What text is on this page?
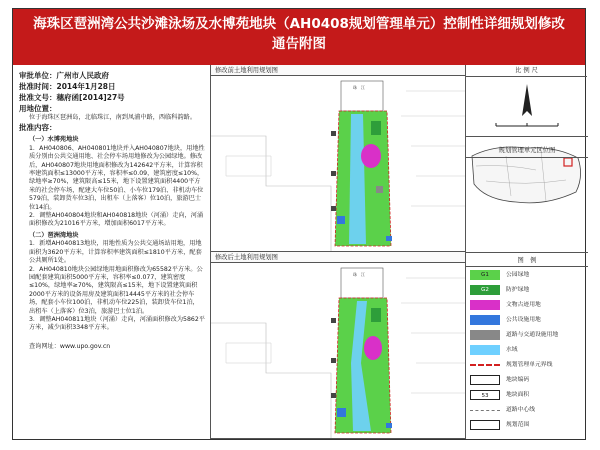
海珠区琶洲湾公共沙滩泳场及水博苑地块（AH0408规划管理单元）控制性详细规划修改
通告附图

审批单位：广州市人民政府

批准时间：2014年1月28日

批准文号：穗府函[2014]27号

用地位置：

位于海珠区琶洲岛，北临珠江，南到凤浦中路，西临科韵路。

批准内容：

（一）水博苑地块

1．AH040806、AH040801地块并入AH040807地块，用地性质分别由公共交通用地、社会停车场用地修改为公园绿地。修改后，AH040807地块用地面积修改为142642平方米，计算容积率建筑面积≤13000平方米，容积率≤0.09，建筑密度≤10%，绿地率≥70%，建筑限高≤15米，地下设置建筑面积4400平方米的社会停车场，配建大车位50泊、小车位179泊、非机动车位579泊，装卸货车位3泊，出租车（上落客）位10泊，旅游巴士位14泊。

2．调整AH040804地块和AH040818地块（河涌）走向，河涌面积修改为21016平方米，增加面积6017平方米。

（二）琶洲湾地块

1．新增AH040813地块，用地性质为公共交通场站用地，用地面积为3620平方米，计算容积率建筑面积≤1810平方米，配套公共厕所1处。

2．AH040810地块公园绿地用地面积修改为65582平方米。公园配套建筑面积5000平方米，容积率≤0.077，建筑密度≤10%，绿地率≥70%，建筑限高≤15米，地下设置建筑面积2000平方米的设备用房及建筑面积14445平方米的社会停车场，配套小车位100泊，非机动车位225泊，装卸货车位1泊，出租车（上落客）位3泊，旅游巴士位1泊。

3．调整AH040811地块（河涌）走向，河涌面积修改为5862平方米，减少面积3348平方米。

查询网址：www.upo.gov.cn

修改前土地利用规划图
珠　江
修改后土地利用规划图
珠　江
比 例 尺
规划管理单元区位图
图　例
G1	公园绿地
G2	防护绿地
文物古迹用地
公共设施用地
道路与交通设施用地
水域
规划管理单元界线
地块编码
53	地块面积
道路中心线
规划范围
